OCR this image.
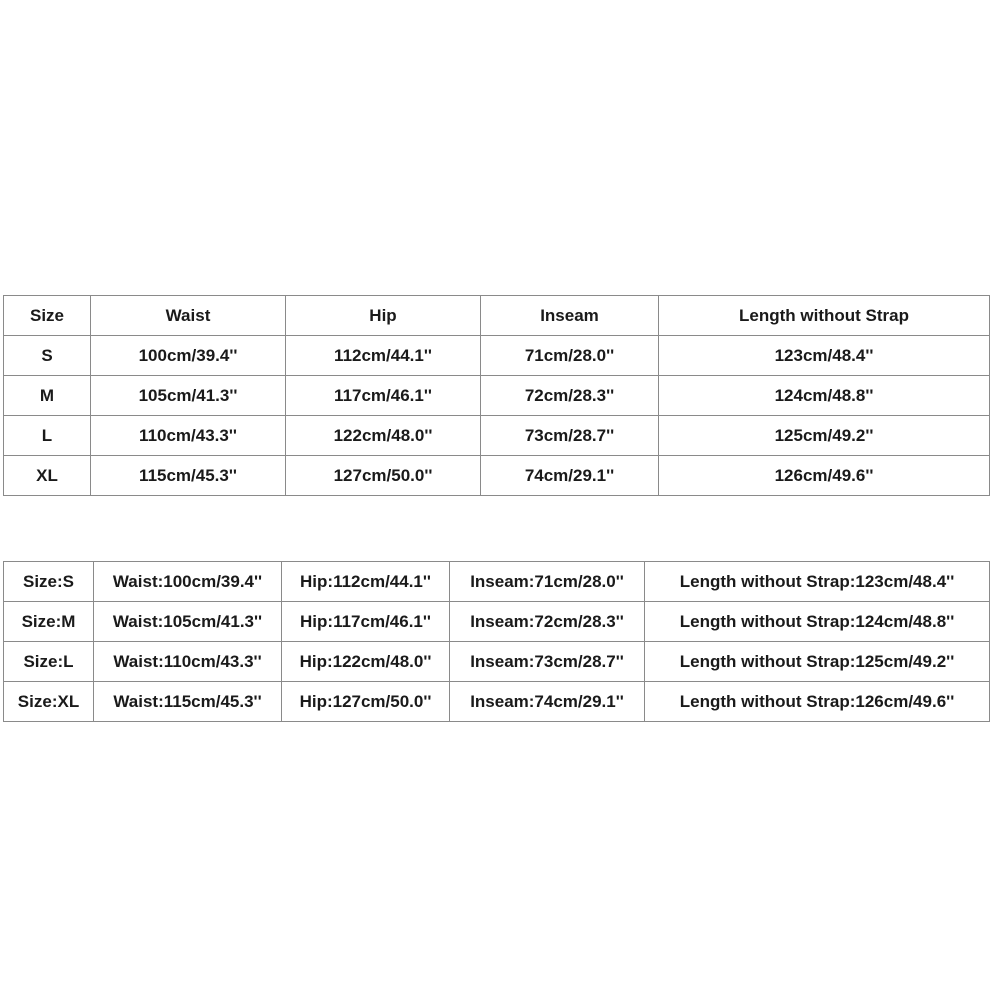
Size	Waist	Hip	Inseam	Length without Strap
S	100cm/39.4''	112cm/44.1''	71cm/28.0''	123cm/48.4''
M	105cm/41.3''	117cm/46.1''	72cm/28.3''	124cm/48.8''
L	110cm/43.3''	122cm/48.0''	73cm/28.7''	125cm/49.2''
XL	115cm/45.3''	127cm/50.0''	74cm/29.1''	126cm/49.6''
Size:S	Waist:100cm/39.4''	Hip:112cm/44.1''	Inseam:71cm/28.0''	Length without Strap:123cm/48.4''
Size:M	Waist:105cm/41.3''	Hip:117cm/46.1''	Inseam:72cm/28.3''	Length without Strap:124cm/48.8''
Size:L	Waist:110cm/43.3''	Hip:122cm/48.0''	Inseam:73cm/28.7''	Length without Strap:125cm/49.2''
Size:XL	Waist:115cm/45.3''	Hip:127cm/50.0''	Inseam:74cm/29.1''	Length without Strap:126cm/49.6''
